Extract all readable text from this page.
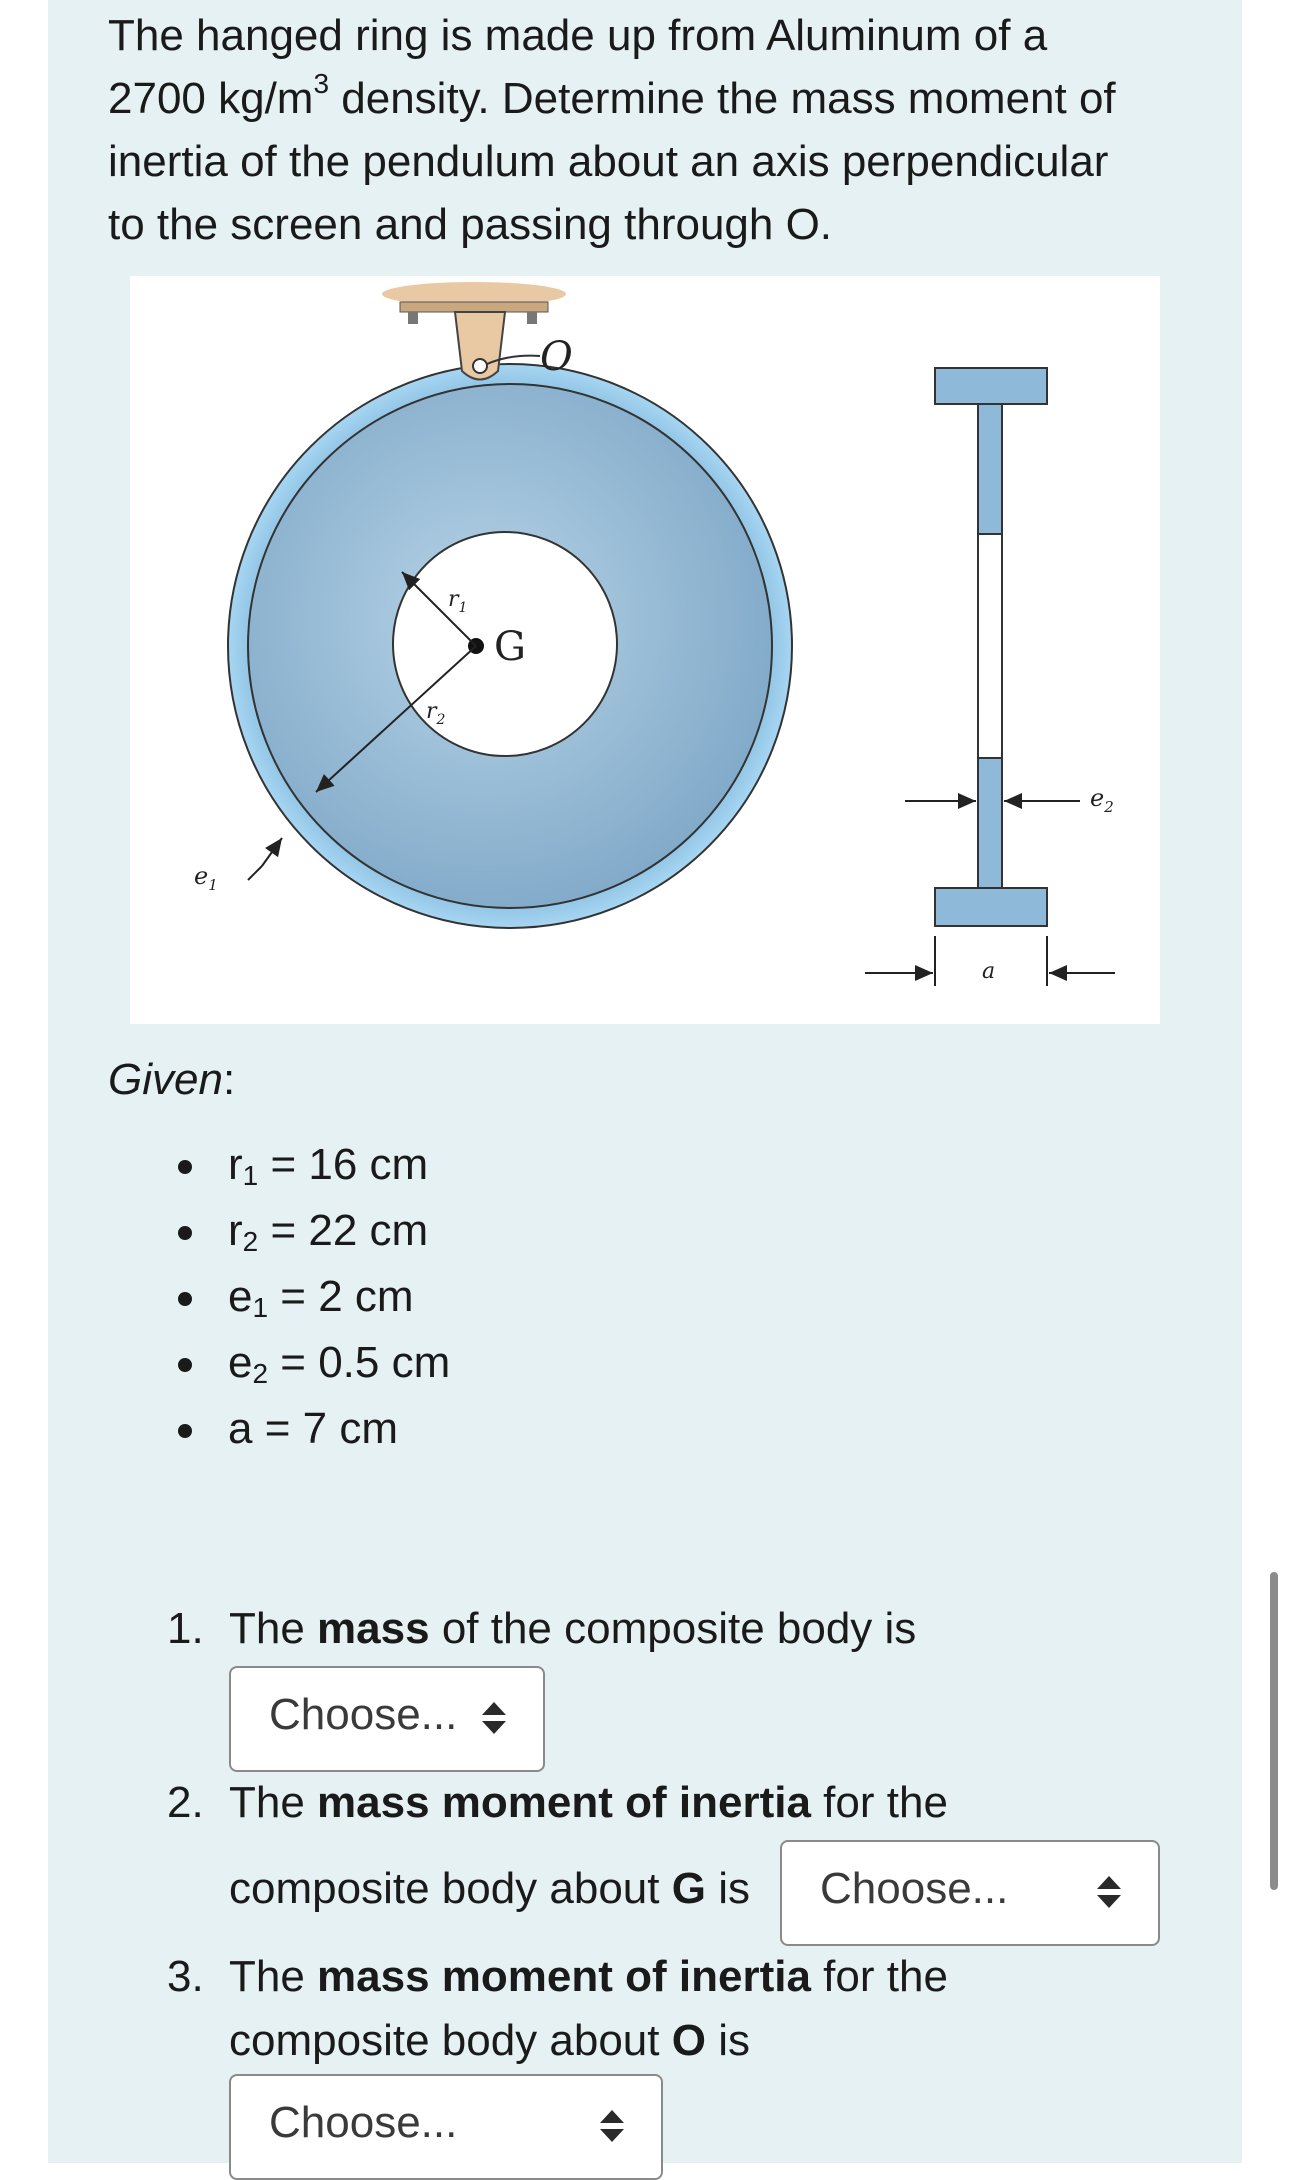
The hanged ring is made up from Aluminum of a
2700 $kg/m^3$ density. Determine the mass moment of
inertia of the pendulum about an axis perpendicular
to the screen and passing through O.

$e_2$
a
O
G
$r_1$
$r_2$
$e_1$

Given:

$r_1 = 16$ cm
$r_2 = 22$ cm
$e_1 = 2$ cm
$e_2 = 0.5$ cm
a = 7 cm
1. The mass of the composite body is
Choose...
2. The mass moment of inertia for the
composite body about G is Choose...
3. The mass moment of inertia for the
composite body about O is
Choose...
